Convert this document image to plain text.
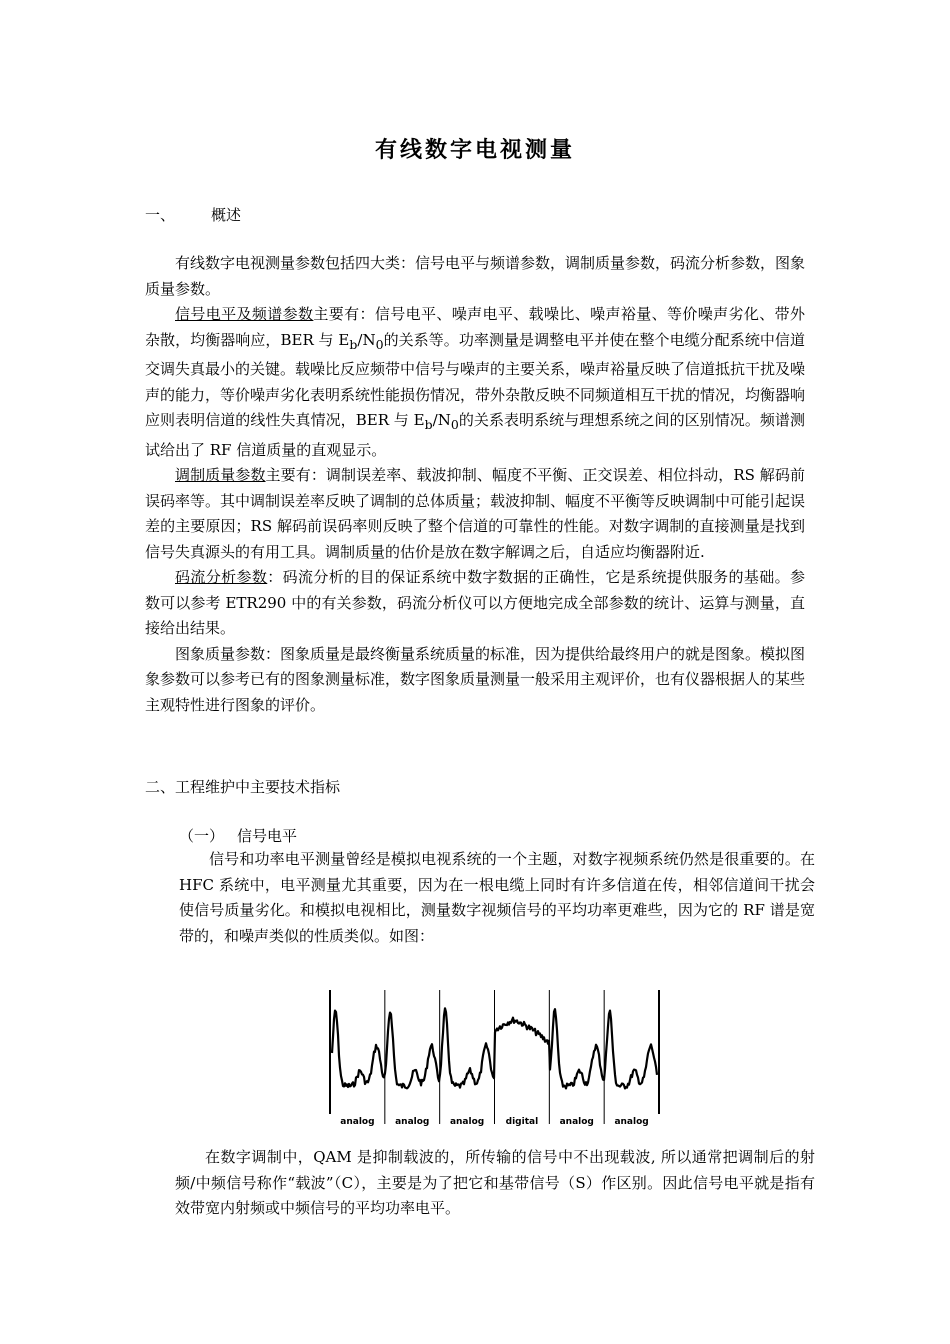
有线数字电视测量
一、 概述

有线数字电视测量参数包括四大类：信号电平与频谱参数，调制质量参数，码流分析参数，图象质量参数。

信号电平及频谱参数主要有：信号电平、噪声电平、载噪比、噪声裕量、等价噪声劣化、带外杂散，均衡器响应，BER 与 $E_b/N_0$的关系等。功率测量是调整电平并使在整个电缆分配系统中信道交调失真最小的关键。载噪比反应频带中信号与噪声的主要关系，噪声裕量反映了信道抵抗干扰及噪声的能力，等价噪声劣化表明系统性能损伤情况，带外杂散反映不同频道相互干扰的情况，均衡器响应则表明信道的线性失真情况，BER 与 $E_b/N_0$的关系表明系统与理想系统之间的区别情况。频谱测试给出了 RF 信道质量的直观显示。

调制质量参数主要有：调制误差率、载波抑制、幅度不平衡、正交误差、相位抖动，RS 解码前误码率等。其中调制误差率反映了调制的总体质量；载波抑制、幅度不平衡等反映调制中可能引起误差的主要原因；RS 解码前误码率则反映了整个信道的可靠性的性能。对数字调制的直接测量是找到信号失真源头的有用工具。调制质量的估价是放在数字解调之后，自适应均衡器附近.

码流分析参数：码流分析的目的保证系统中数字数据的正确性，它是系统提供服务的基础。参数可以参考 ETR290 中的有关参数，码流分析仪可以方便地完成全部参数的统计、运算与测量，直接给出结果。

图象质量参数：图象质量是最终衡量系统质量的标准，因为提供给最终用户的就是图象。模拟图象参数可以参考已有的图象测量标准，数字图象质量测量一般采用主观评价，也有仪器根据人的某些主观特性进行图象的评价。

二、工程维护中主要技术指标
（一） 信号电平

信号和功率电平测量曾经是模拟电视系统的一个主题，对数字视频系统仍然是很重要的。在 HFC 系统中，电平测量尤其重要，因为在一根电缆上同时有许多信道在传，相邻信道间干扰会使信号质量劣化。和模拟电视相比，测量数字视频信号的平均功率更难些，因为它的 RF 谱是宽带的，和噪声类似的性质类似。如图：

analog analog analog digital analog analog

在数字调制中，QAM 是抑制载波的，所传输的信号中不出现载波, 所以通常把调制后的射频/中频信号称作“载波”（C），主要是为了把它和基带信号（S）作区别。因此信号电平就是指有效带宽内射频或中频信号的平均功率电平。
